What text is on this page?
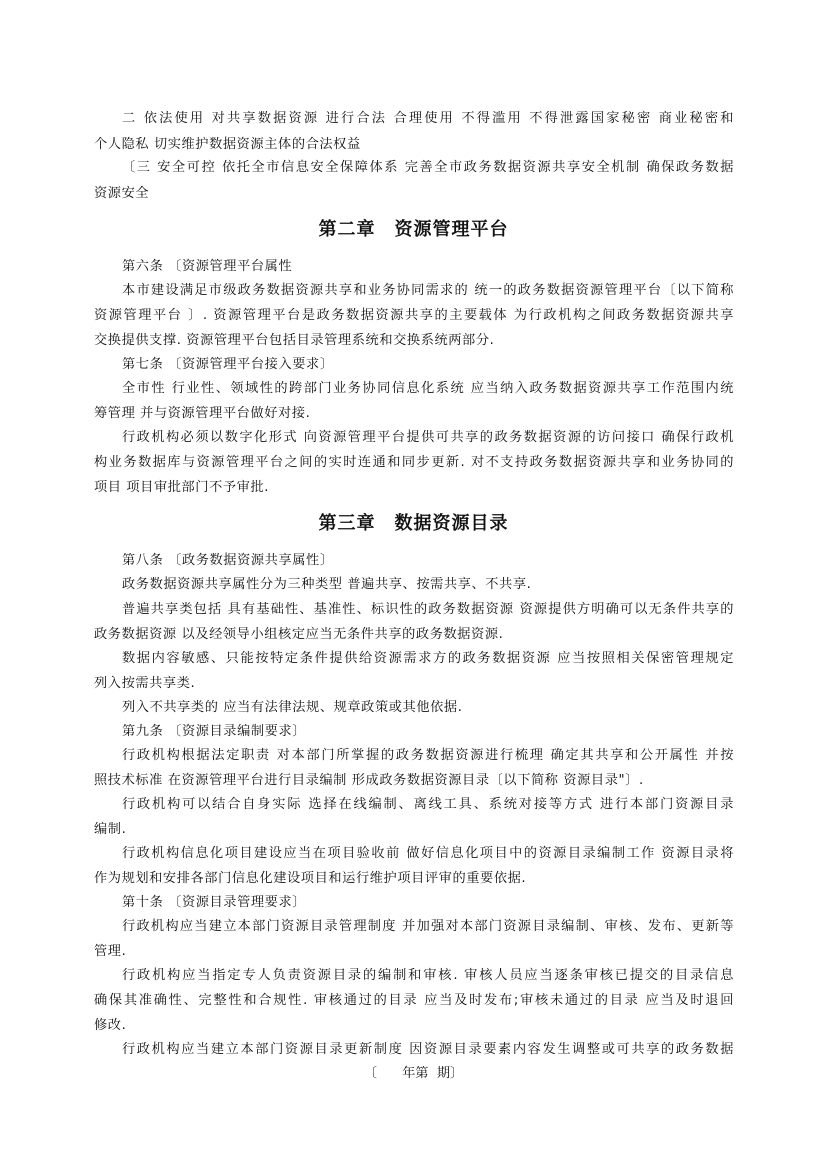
二 依法使用 对共享数据资源 进行合法 合理使用 不得滥用 不得泄露国家秘密 商业秘密和
个人隐私 切实维护数据资源主体的合法权益
〔三 安全可控 依托全市信息安全保障体系 完善全市政务数据资源共享安全机制 确保政务数据
资源安全
第二章　资源管理平台
第六条 〔资源管理平台属性
本市建设满足市级政务数据资源共享和业务协同需求的 统一的政务数据资源管理平台〔以下简称
资源管理平台 〕. 资源管理平台是政务数据资源共享的主要载体 为行政机构之间政务数据资源共享
交换提供支撑. 资源管理平台包括目录管理系统和交换系统两部分.
第七条 〔资源管理平台接入要求〕
全市性 行业性、领域性的跨部门业务协同信息化系统 应当纳入政务数据资源共享工作范围内统
筹管理 并与资源管理平台做好对接.
行政机构必须以数字化形式 向资源管理平台提供可共享的政务数据资源的访问接口 确保行政机
构业务数据库与资源管理平台之间的实时连通和同步更新. 对不支持政务数据资源共享和业务协同的
项目 项目审批部门不予审批.
第三章　数据资源目录
第八条 〔政务数据资源共享属性〕
政务数据资源共享属性分为三种类型 普遍共享、按需共享、不共享.
普遍共享类包括 具有基础性、基准性、标识性的政务数据资源 资源提供方明确可以无条件共享的
政务数据资源 以及经领导小组核定应当无条件共享的政务数据资源.
数据内容敏感、只能按特定条件提供给资源需求方的政务数据资源 应当按照相关保密管理规定
列入按需共享类.
列入不共享类的 应当有法律法规、规章政策或其他依据.
第九条 〔资源目录编制要求〕
行政机构根据法定职责 对本部门所掌握的政务数据资源进行梳理 确定其共享和公开属性 并按
照技术标准 在资源管理平台进行目录编制 形成政务数据资源目录〔以下简称 资源目录"〕.
行政机构可以结合自身实际 选择在线编制、离线工具、系统对接等方式 进行本部门资源目录
编制.
行政机构信息化项目建设应当在项目验收前 做好信息化项目中的资源目录编制工作 资源目录将
作为规划和安排各部门信息化建设项目和运行维护项目评审的重要依据.
第十条 〔资源目录管理要求〕
行政机构应当建立本部门资源目录管理制度 并加强对本部门资源目录编制、审核、发布、更新等
管理.
行政机构应当指定专人负责资源目录的编制和审核. 审核人员应当逐条审核已提交的目录信息
确保其准确性、完整性和合规性. 审核通过的目录 应当及时发布;审核未通过的目录 应当及时退回
修改.
行政机构应当建立本部门资源目录更新制度 因资源目录要素内容发生调整或可共享的政务数据
〔      年第  期〕
